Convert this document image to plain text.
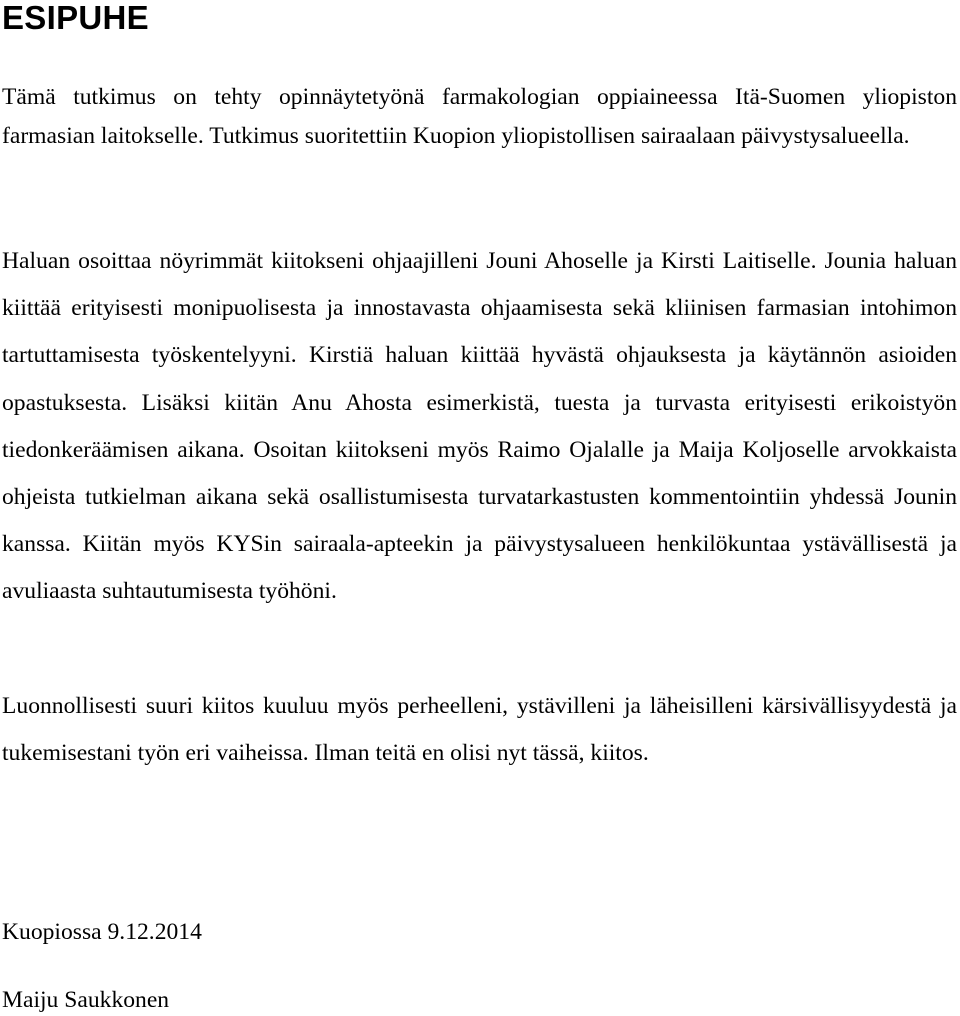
ESIPUHE

Tämä tutkimus on tehty opinnäytetyönä farmakologian oppiaineessa Itä-Suomen yliopiston farmasian laitokselle. Tutkimus suoritettiin Kuopion yliopistollisen sairaalaan päivystysalueella.

Haluan osoittaa nöyrimmät kiitokseni ohjaajilleni Jouni Ahoselle ja Kirsti Laitiselle. Jounia haluan kiittää erityisesti monipuolisesta ja innostavasta ohjaamisesta sekä kliinisen farmasian intohimon tartuttamisesta työskentelyyni. Kirstiä haluan kiittää hyvästä ohjauksesta ja käytännön asioiden opastuksesta. Lisäksi kiitän Anu Ahosta esimerkistä, tuesta ja turvasta erityisesti erikoistyön tiedonkeräämisen aikana. Osoitan kiitokseni myös Raimo Ojalalle ja Maija Koljoselle arvokkaista ohjeista tutkielman aikana sekä osallistumisesta turvatarkastusten kommentointiin yhdessä Jounin kanssa. Kiitän myös KYSin sairaala-apteekin ja päivystysalueen henkilökuntaa ystävällisestä ja avuliaasta suhtautumisesta työhöni.

Luonnollisesti suuri kiitos kuuluu myös perheelleni, ystävilleni ja läheisilleni kärsivällisyydestä ja tukemisestani työn eri vaiheissa. Ilman teitä en olisi nyt tässä, kiitos.

Kuopiossa 9.12.2014

Maiju Saukkonen
